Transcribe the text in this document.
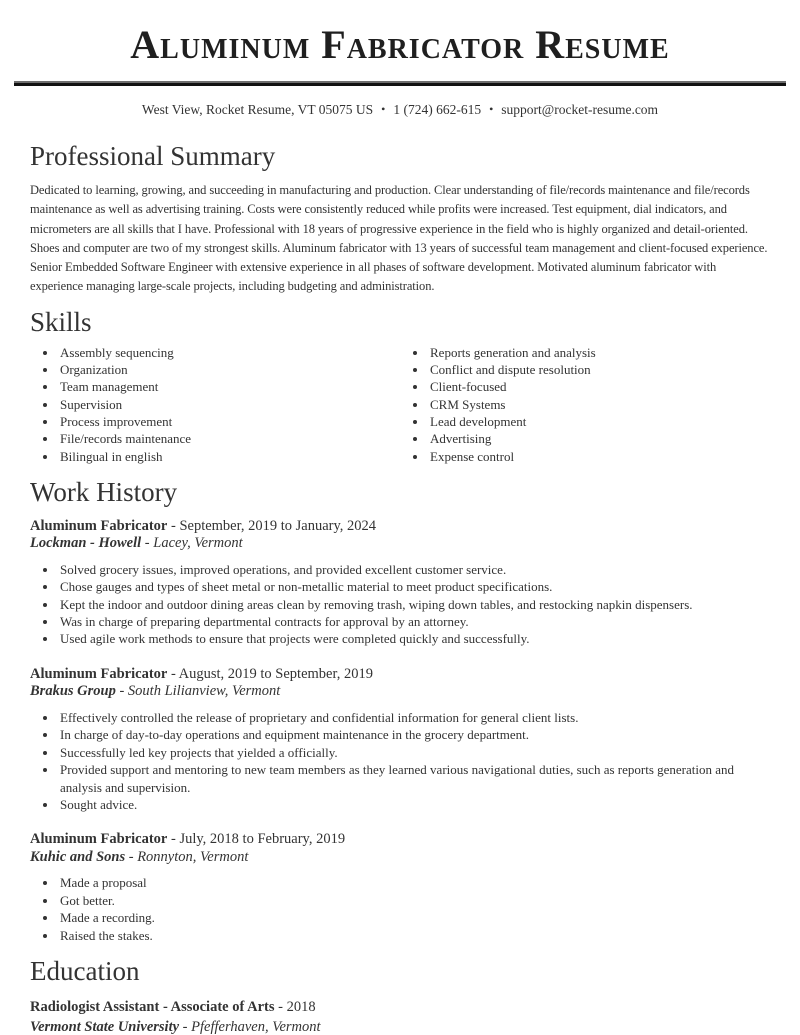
Aluminum Fabricator Resume
West View, Rocket Resume, VT 05075 US • 1 (724) 662-615 • support@rocket-resume.com
Professional Summary

Dedicated to learning, growing, and succeeding in manufacturing and production. Clear understanding of file/records maintenance and file/records maintenance as well as advertising training. Costs were consistently reduced while profits were increased. Test equipment, dial indicators, and micrometers are all skills that I have. Professional with 18 years of progressive experience in the field who is highly organized and detail-oriented. Shoes and computer are two of my strongest skills. Aluminum fabricator with 13 years of successful team management and client-focused experience. Senior Embedded Software Engineer with extensive experience in all phases of software development. Motivated aluminum fabricator with experience managing large-scale projects, including budgeting and administration.

Skills
• Assembly sequencing
• Organization
• Team management
• Supervision
• Process improvement
• File/records maintenance
• Bilingual in english
• Reports generation and analysis
• Conflict and dispute resolution
• Client-focused
• CRM Systems
• Lead development
• Advertising
• Expense control
Work History
Aluminum Fabricator - September, 2019 to January, 2024
Lockman - Howell - Lacey, Vermont
• Solved grocery issues, improved operations, and provided excellent customer service.
• Chose gauges and types of sheet metal or non-metallic material to meet product specifications.
• Kept the indoor and outdoor dining areas clean by removing trash, wiping down tables, and restocking napkin dispensers.
• Was in charge of preparing departmental contracts for approval by an attorney.
• Used agile work methods to ensure that projects were completed quickly and successfully.
Aluminum Fabricator - August, 2019 to September, 2019
Brakus Group - South Lilianview, Vermont
• Effectively controlled the release of proprietary and confidential information for general client lists.
• In charge of day-to-day operations and equipment maintenance in the grocery department.
• Successfully led key projects that yielded a officially.
• Provided support and mentoring to new team members as they learned various navigational duties, such as reports generation and analysis and supervision.
• Sought advice.
Aluminum Fabricator - July, 2018 to February, 2019
Kuhic and Sons - Ronnyton, Vermont
• Made a proposal
• Got better.
• Made a recording.
• Raised the stakes.
Education
Radiologist Assistant - Associate of Arts - 2018
Vermont State University - Pfefferhaven, Vermont
